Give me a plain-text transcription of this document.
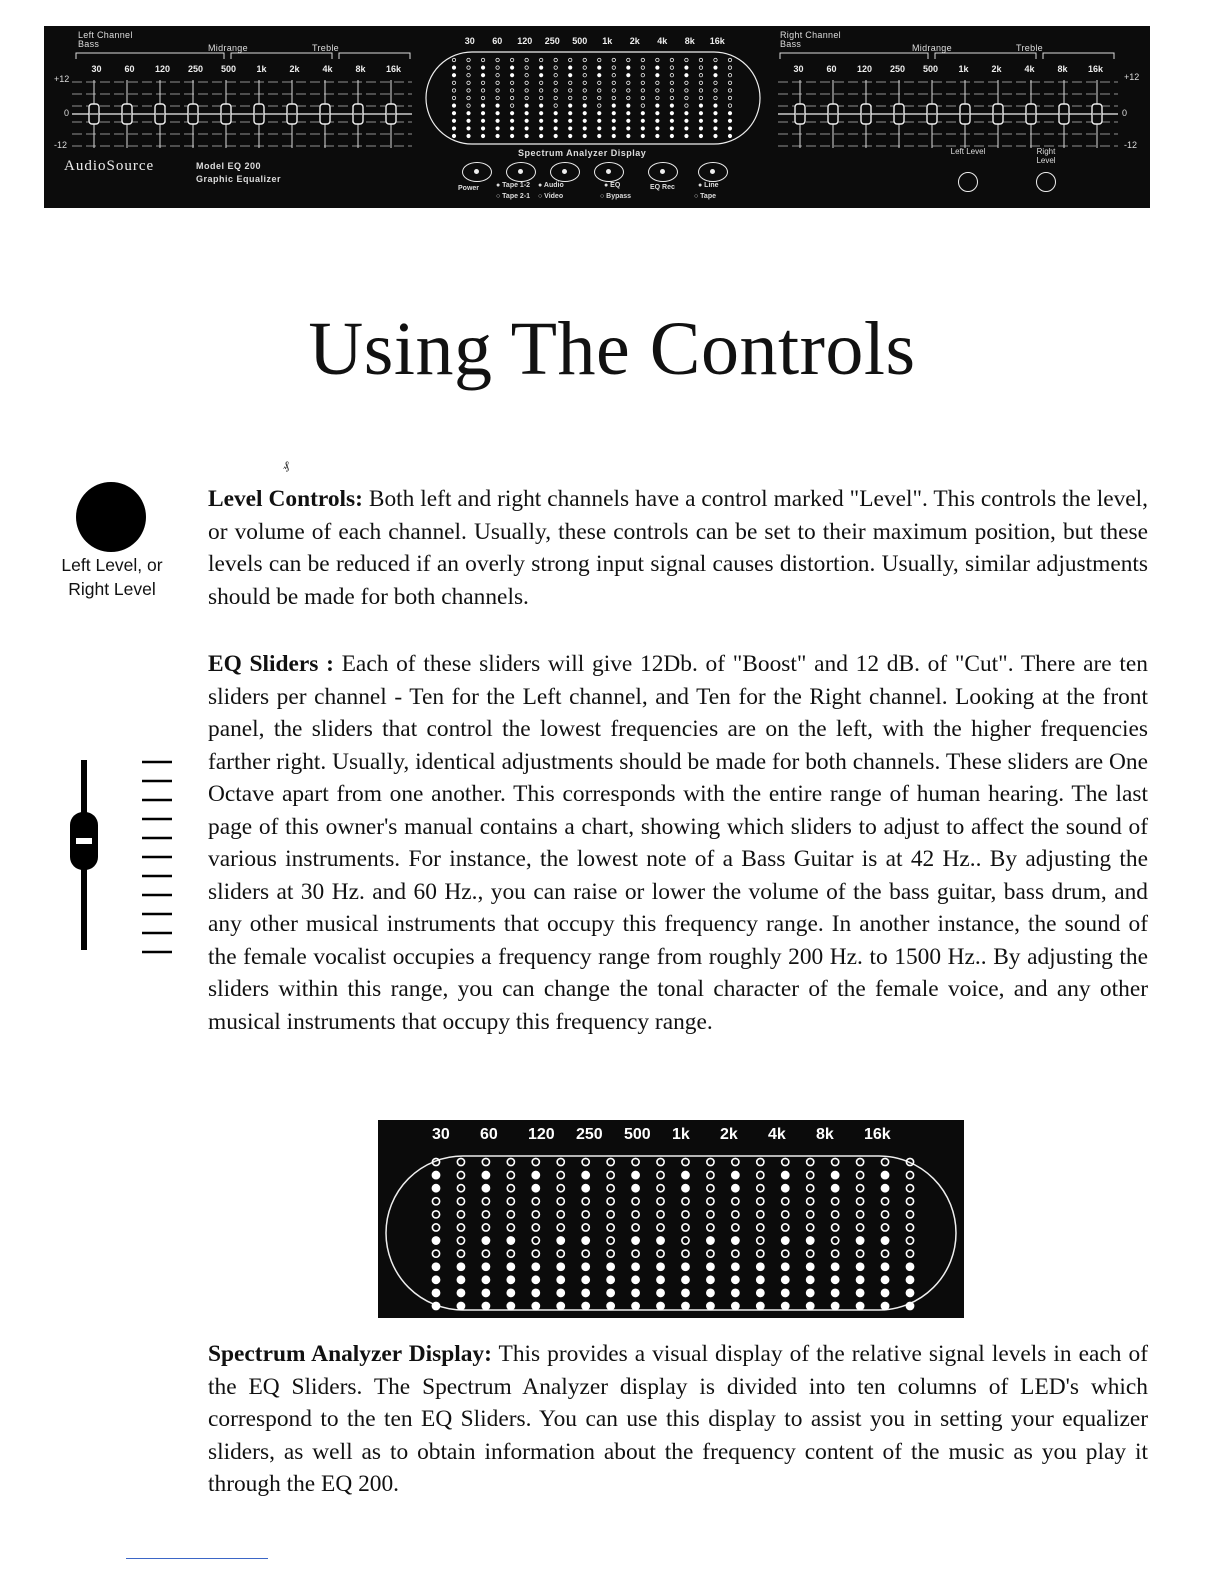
Left Channel
Bass	Midrange	Treble
30	60	120	250	500	1k	2k	4k	8k	16k
+12
0
-12
AudioSource	Model EQ 200
Graphic Equalizer
30	60	120	250	500	1k	2k	4k	8k	16k
Spectrum Analyzer Display
Power ● Tape 1-2
○ Tape 2-1
● Audio
○ Video
● EQ
○ Bypass
EQ Rec	● Line
○ Tape
Right Channel
Bass	Midrange	Treble
30	60	120	250	500	1k	2k	4k	8k	16k
+12
0
-12
Left Level	Right Level
Using The Controls
₰
Left Level, or
Right Level

Level Controls: Both left and right channels have a control marked "Level". This controls the level, or volume of each channel. Usually, these controls can be set to their maximum position, but these levels can be reduced if an overly strong input signal causes distortion. Usually, similar adjustments should be made for both channels.

EQ Sliders : Each of these sliders will give 12Db. of "Boost" and 12 dB. of "Cut". There are ten sliders per channel - Ten for the Left channel, and Ten for the Right channel. Looking at the front panel, the sliders that control the lowest frequencies are on the left, with the higher frequencies farther right. Usually, identical adjustments should be made for both channels. These sliders are One Octave apart from one another. This corresponds with the entire range of human hearing. The last page of this owner's manual contains a chart, showing which sliders to adjust to affect the sound of various instruments. For instance, the lowest note of a Bass Guitar is at 42 Hz.. By adjusting the sliders at 30 Hz. and 60 Hz., you can raise or lower the volume of the bass guitar, bass drum, and any other musical instruments that occupy this frequency range. In another instance, the sound of the female vocalist occupies a frequency range from roughly 200 Hz. to 1500 Hz.. By adjusting the sliders within this range, you can change the tonal character of the female voice, and any other musical instruments that occupy this frequency range.

30	60	120	250	500	1k	2k	4k	8k	16k

Spectrum Analyzer Display: This provides a visual display of the relative signal levels in each of the EQ Sliders. The Spectrum Analyzer display is divided into ten columns of LED's which correspond to the ten EQ Sliders. You can use this display to assist you in setting your equalizer sliders, as well as to obtain information about the frequency content of the music as you play it through the EQ 200.
